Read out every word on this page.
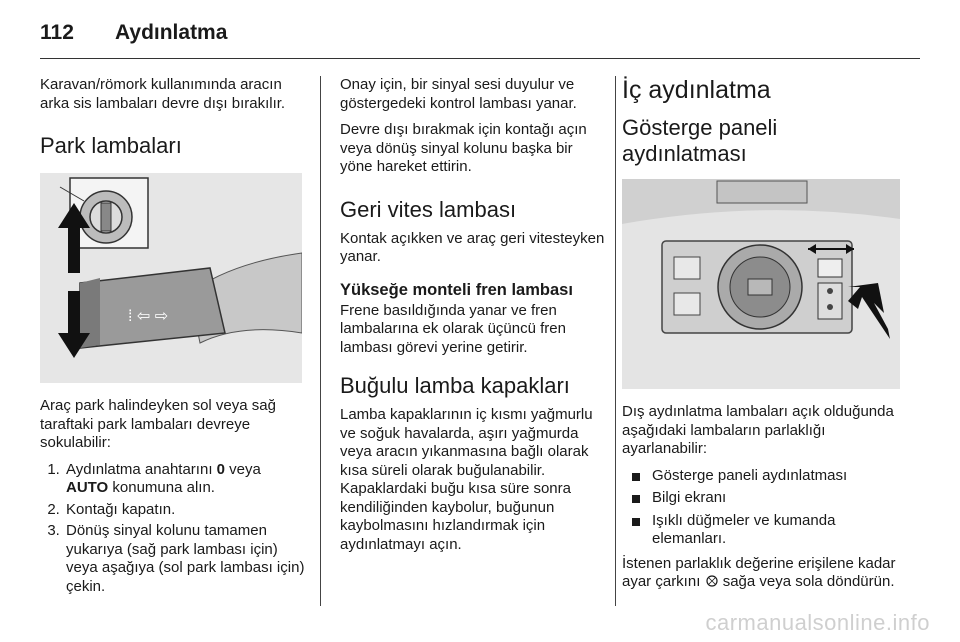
112	Aydınlatma

Karavan/römork kullanımında aracın arka sis lambaları devre dışı bırakılır.

Park lambaları
⁞ ⇦ ⇨

Araç park halindeyken sol veya sağ taraftaki park lambaları devreye sokulabilir:

1. Aydınlatma anahtarını 0 veya AUTO konumuna alın.
2. Kontağı kapatın.
3. Dönüş sinyal kolunu tamamen yukarıya (sağ park lambası için) veya aşağıya (sol park lambası için) çekin.

Onay için, bir sinyal sesi duyulur ve göstergedeki kontrol lambası yanar.

Devre dışı bırakmak için kontağı açın veya dönüş sinyal kolunu başka bir yöne hareket ettirin.

Geri vites lambası

Kontak açıkken ve araç geri vitesteyken yanar.

Yükseğe monteli fren lambası

Frene basıldığında yanar ve fren lambalarına ek olarak üçüncü fren lambası görevi yerine getirir.

Buğulu lamba kapakları

Lamba kapaklarının iç kısmı yağmurlu ve soğuk havalarda, aşırı yağmurda veya aracın yıkanmasına bağlı olarak kısa süreli olarak buğulanabilir. Kapaklardaki buğu kısa süre sonra kendiliğinden kaybolur, buğunun kaybolmasını hızlandırmak için aydınlatmayı açın.

İç aydınlatma
Gösterge paneli aydınlatması

Dış aydınlatma lambaları açık olduğunda aşağıdaki lambaların parlaklığı ayarlanabilir:

Gösterge paneli aydınlatması
Bilgi ekranı
Işıklı düğmeler ve kumanda elemanları.

İstenen parlaklık değerine erişilene kadar ayar çarkını  sağa veya sola döndürün.

carmanualsonline.info
